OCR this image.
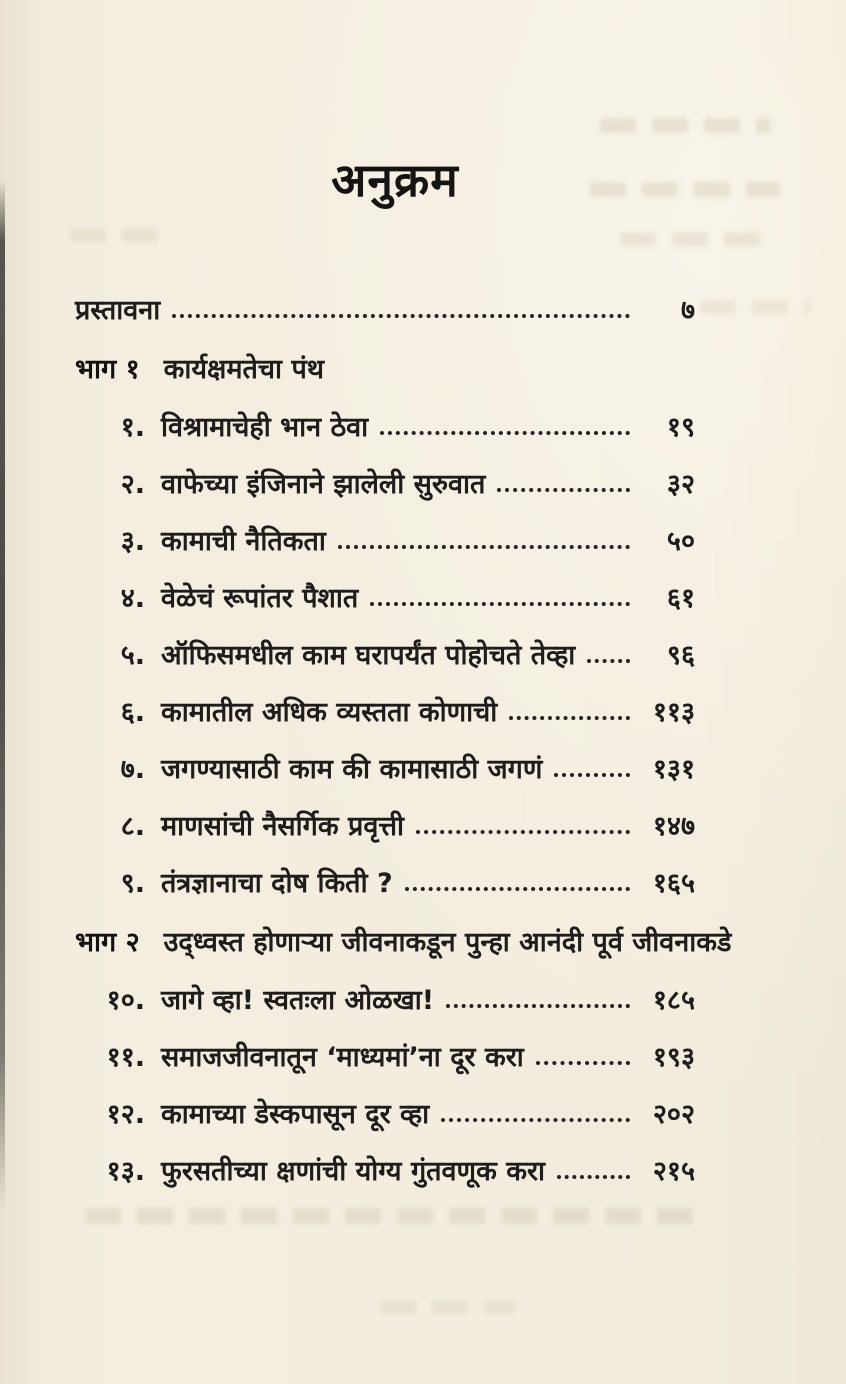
अनुक्रम
प्रस्तावना	७
भाग १ कार्यक्षमतेचा पंथ
१. विश्रामाचेही भान ठेवा	१९
२. वाफेच्या इंजिनाने झालेली सुरुवात	३२
३. कामाची नैतिकता	५०
४. वेळेचं रूपांतर पैशात	६१
५. ऑफिसमधील काम घरापर्यंत पोहोचते तेव्हा	९६
६. कामातील अधिक व्यस्तता कोणाची	११३
७. जगण्यासाठी काम की कामासाठी जगणं	१३१
८. माणसांची नैसर्गिक प्रवृत्ती	१४७
९. तंत्रज्ञानाचा दोष किती ?	१६५
भाग २ उद्ध्वस्त होणाऱ्या जीवनाकडून पुन्हा आनंदी पूर्व जीवनाकडे
१०. जागे व्हा! स्वतःला ओळखा!	१८५
११. समाजजीवनातून ‘माध्यमां’ना दूर करा	१९३
१२. कामाच्या डेस्कपासून दूर व्हा	२०२
१३. फुरसतीच्या क्षणांची योग्य गुंतवणूक करा	२१५
